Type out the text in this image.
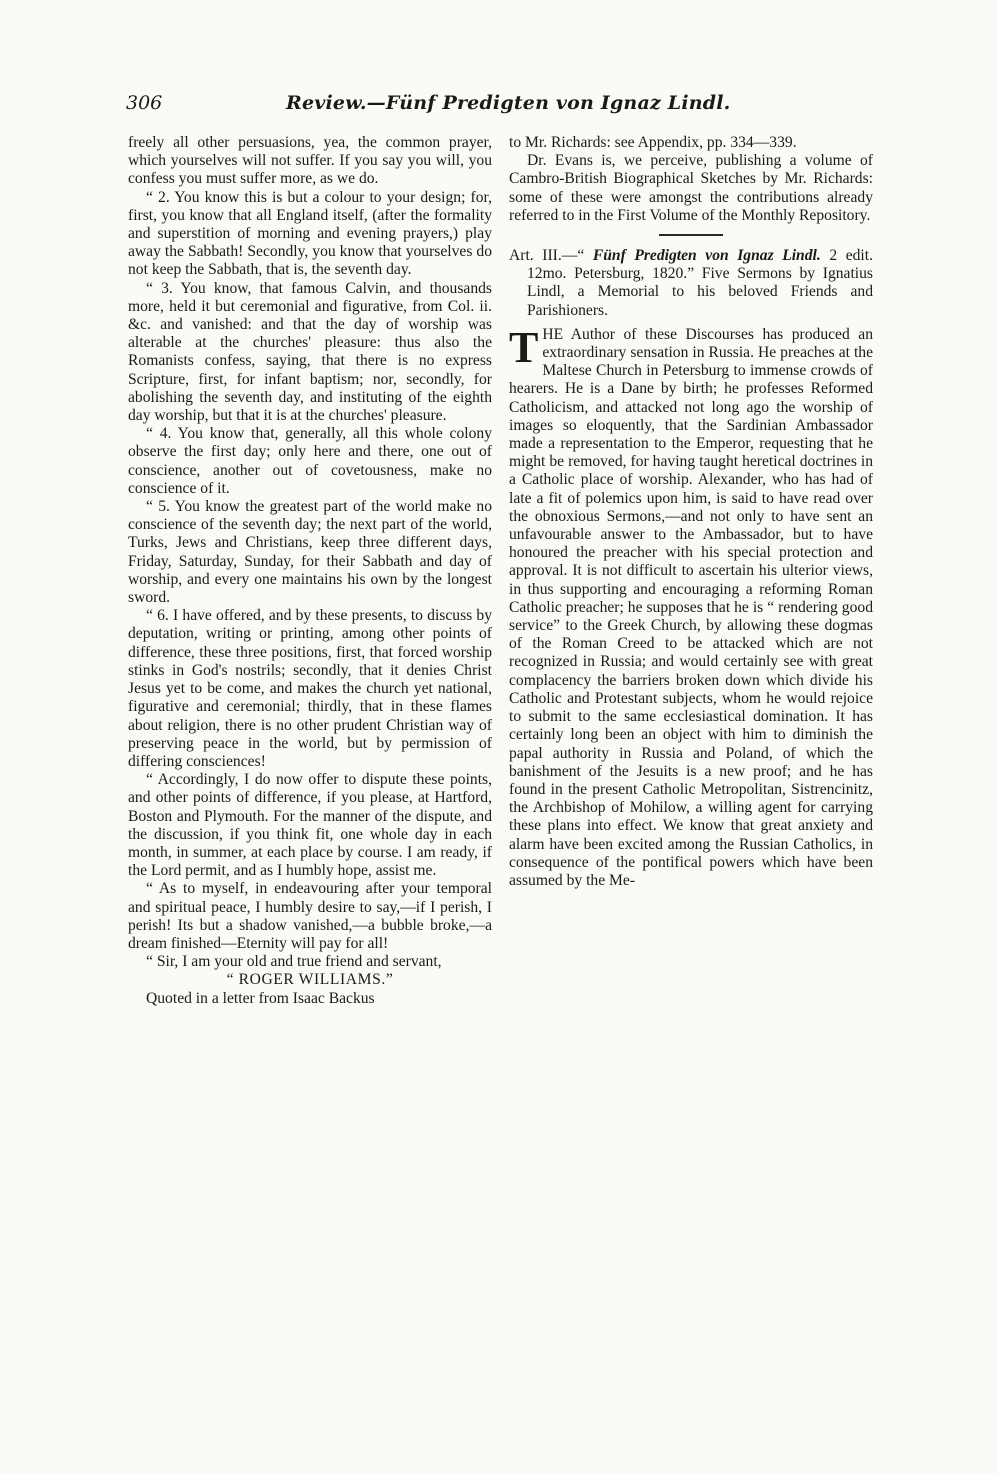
306	Review.—Fünf Predigten von Ignaz Lindl.

freely all other persuasions, yea, the common prayer, which yourselves will not suffer. If you say you will, you confess you must suffer more, as we do.

“ 2. You know this is but a colour to your design; for, first, you know that all England itself, (after the formality and superstition of morning and evening prayers,) play away the Sabbath! Secondly, you know that yourselves do not keep the Sabbath, that is, the seventh day.

“ 3. You know, that famous Calvin, and thousands more, held it but ceremonial and figurative, from Col. ii. &c. and vanished: and that the day of worship was alterable at the churches' pleasure: thus also the Romanists confess, saying, that there is no express Scripture, first, for infant baptism; nor, secondly, for abolishing the seventh day, and instituting of the eighth day worship, but that it is at the churches' pleasure.

“ 4. You know that, generally, all this whole colony observe the first day; only here and there, one out of conscience, another out of covetousness, make no conscience of it.

“ 5. You know the greatest part of the world make no conscience of the seventh day; the next part of the world, Turks, Jews and Christians, keep three different days, Friday, Saturday, Sunday, for their Sabbath and day of worship, and every one maintains his own by the longest sword.

“ 6. I have offered, and by these presents, to discuss by deputation, writing or printing, among other points of difference, these three positions, first, that forced worship stinks in God's nostrils; secondly, that it denies Christ Jesus yet to be come, and makes the church yet national, figurative and ceremonial; thirdly, that in these flames about religion, there is no other prudent Christian way of preserving peace in the world, but by permission of differing consciences!

“ Accordingly, I do now offer to dispute these points, and other points of difference, if you please, at Hartford, Boston and Plymouth. For the manner of the dispute, and the discussion, if you think fit, one whole day in each month, in summer, at each place by course. I am ready, if the Lord permit, and as I humbly hope, assist me.

“ As to myself, in endeavouring after your temporal and spiritual peace, I humbly desire to say,—if I perish, I perish! Its but a shadow vanished,—a bubble broke,—a dream finished—Eternity will pay for all!

“ Sir, I am your old and true friend and servant,

“ ROGER WILLIAMS.”

Quoted in a letter from Isaac Backus

to Mr. Richards: see Appendix, pp. 334—339.

Dr. Evans is, we perceive, publishing a volume of Cambro-British Biographical Sketches by Mr. Richards: some of these were amongst the contributions already referred to in the First Volume of the Monthly Repository.

Art. III.—“ Fünf Predigten von Ignaz Lindl. 2 edit. 12mo. Petersburg, 1820.” Five Sermons by Ignatius Lindl, a Memorial to his beloved Friends and Parishioners.

THE Author of these Discourses has produced an extraordinary sensation in Russia. He preaches at the Maltese Church in Petersburg to immense crowds of hearers. He is a Dane by birth; he professes Reformed Catholicism, and attacked not long ago the worship of images so eloquently, that the Sardinian Ambassador made a representation to the Emperor, requesting that he might be removed, for having taught heretical doctrines in a Catholic place of worship. Alexander, who has had of late a fit of polemics upon him, is said to have read over the obnoxious Sermons,—and not only to have sent an unfavourable answer to the Ambassador, but to have honoured the preacher with his special protection and approval. It is not difficult to ascertain his ulterior views, in thus supporting and encouraging a reforming Roman Catholic preacher; he supposes that he is “ rendering good service” to the Greek Church, by allowing these dogmas of the Roman Creed to be attacked which are not recognized in Russia; and would certainly see with great complacency the barriers broken down which divide his Catholic and Protestant subjects, whom he would rejoice to submit to the same ecclesiastical domination. It has certainly long been an object with him to diminish the papal authority in Russia and Poland, of which the banishment of the Jesuits is a new proof; and he has found in the present Catholic Metropolitan, Sistrencinitz, the Archbishop of Mohilow, a willing agent for carrying these plans into effect. We know that great anxiety and alarm have been excited among the Russian Catholics, in consequence of the pontifical powers which have been assumed by the Me-
